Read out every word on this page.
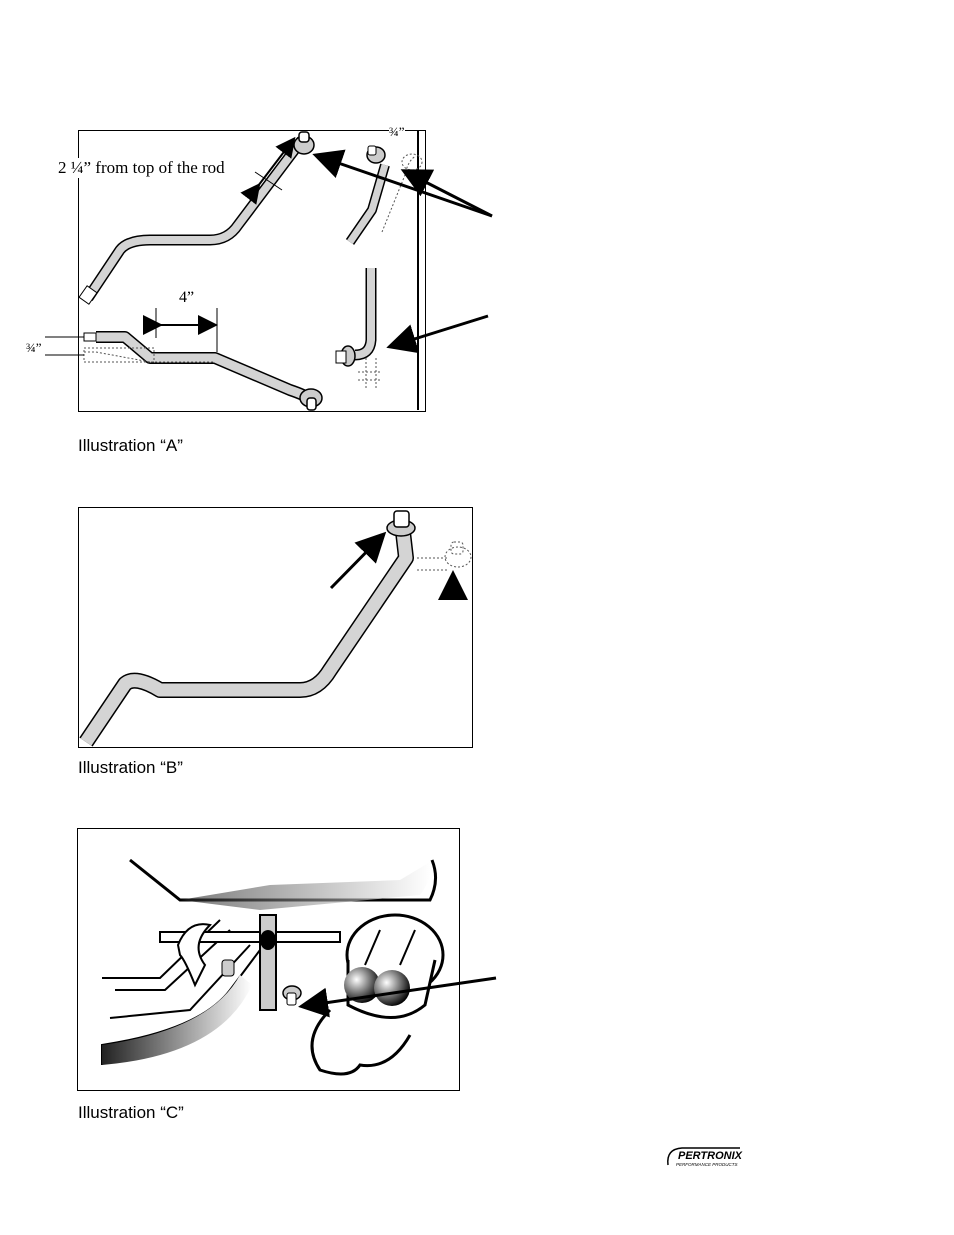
2 ¼” from top of the rod
4”
¾”
¾”
Illustration “A”
Illustration “B”
Illustration “C”
PERTRONIX
PERFORMANCE PRODUCTS
